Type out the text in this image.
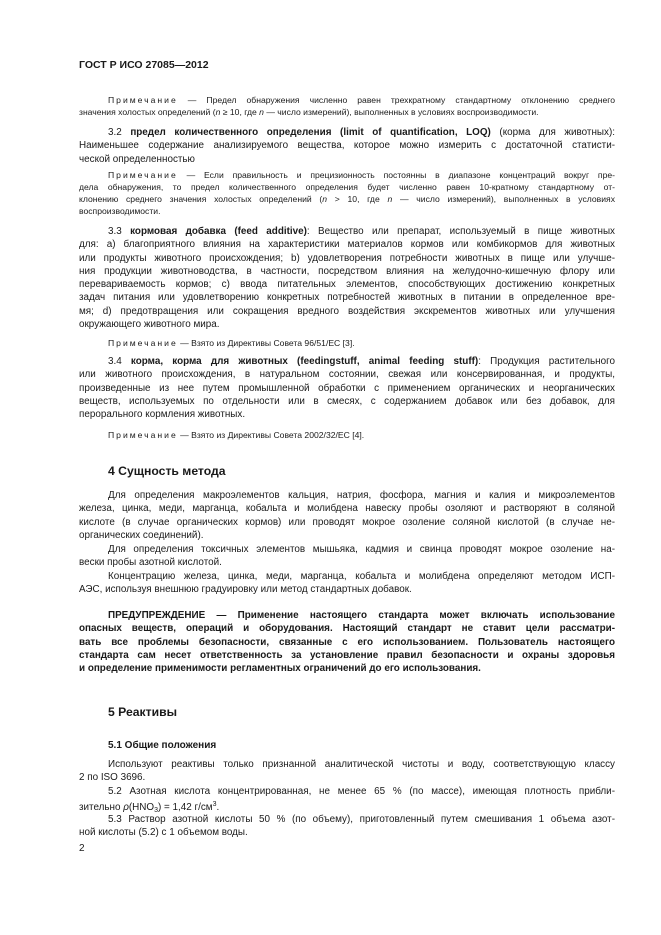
ГОСТ Р ИСО 27085—2012
Примечание — Предел обнаружения численно равен трехкратному стандартному отклонению среднего
значения холостых определений (n ≥ 10, где n — число измерений), выполненных в условиях воспроизводимости.
3.2 предел количественного определения (limit of quantification, LOQ) (корма для животных):
Наименьшее содержание анализируемого вещества, которое можно измерить с достаточной статисти-
ческой определенностью
Примечание — Если правильность и прецизионность постоянны в диапазоне концентраций вокруг пре-
дела обнаружения, то предел количественного определения будет численно равен 10-кратному стандартному от-
клонению среднего значения холостых определений (n > 10, где n — число измерений), выполненных в условиях
воспроизводимости.
3.3 кормовая добавка (feed additive): Вещество или препарат, используемый в пище животных
для: a) благоприятного влияния на характеристики материалов кормов или комбикормов для животных
или продукты животного происхождения; b) удовлетворения потребности животных в пище или улучше-
ния продукции животноводства, в частности, посредством влияния на желудочно-кишечную флору или
перевариваемость кормов; c) ввода питательных элементов, способствующих достижению конкретных
задач питания или удовлетворению конкретных потребностей животных в питании в определенное вре-
мя; d) предотвращения или сокращения вредного воздействия экскрементов животных или улучшения
окружающего животного мира.
Примечание — Взято из Директивы Совета 96/51/ЕС [3].
3.4 корма, корма для животных (feedingstuff, animal feeding stuff): Продукция растительного
или животного происхождения, в натуральном состоянии, свежая или консервированная, и продукты,
произведенные из нее путем промышленной обработки с применением органических и неорганических
веществ, используемых по отдельности или в смесях, с содержанием добавок или без добавок, для
перорального кормления животных.
Примечание — Взято из Директивы Совета 2002/32/ЕС [4].
4 Сущность метода
Для определения макроэлементов кальция, натрия, фосфора, магния и калия и микроэлементов
железа, цинка, меди, марганца, кобальта и молибдена навеску пробы озоляют и растворяют в соляной
кислоте (в случае органических кормов) или проводят мокрое озоление соляной кислотой (в случае не-
органических соединений).
Для определения токсичных элементов мышьяка, кадмия и свинца проводят мокрое озоление на-
вески пробы азотной кислотой.
Концентрацию железа, цинка, меди, марганца, кобальта и молибдена определяют методом ИСП-
АЭС, используя внешнюю градуировку или метод стандартных добавок.
ПРЕДУПРЕЖДЕНИЕ — Применение настоящего стандарта может включать использование
опасных веществ, операций и оборудования. Настоящий стандарт не ставит цели рассматри-
вать все проблемы безопасности, связанные с его использованием. Пользователь настоящего
стандарта сам несет ответственность за установление правил безопасности и охраны здоровья
и определение применимости регламентных ограничений до его использования.
5 Реактивы
5.1 Общие положения
Используют реактивы только признанной аналитической чистоты и воду, соответствующую классу
2 по ISO 3696.
5.2 Азотная кислота концентрированная, не менее 65 % (по массе), имеющая плотность прибли-
зительно $\rho(HNO_3) = 1,42$ $г/см^3$.
5.3 Раствор азотной кислоты 50 % (по объему), приготовленный путем смешивания 1 объема азот-
ной кислоты (5.2) с 1 объемом воды.
2
